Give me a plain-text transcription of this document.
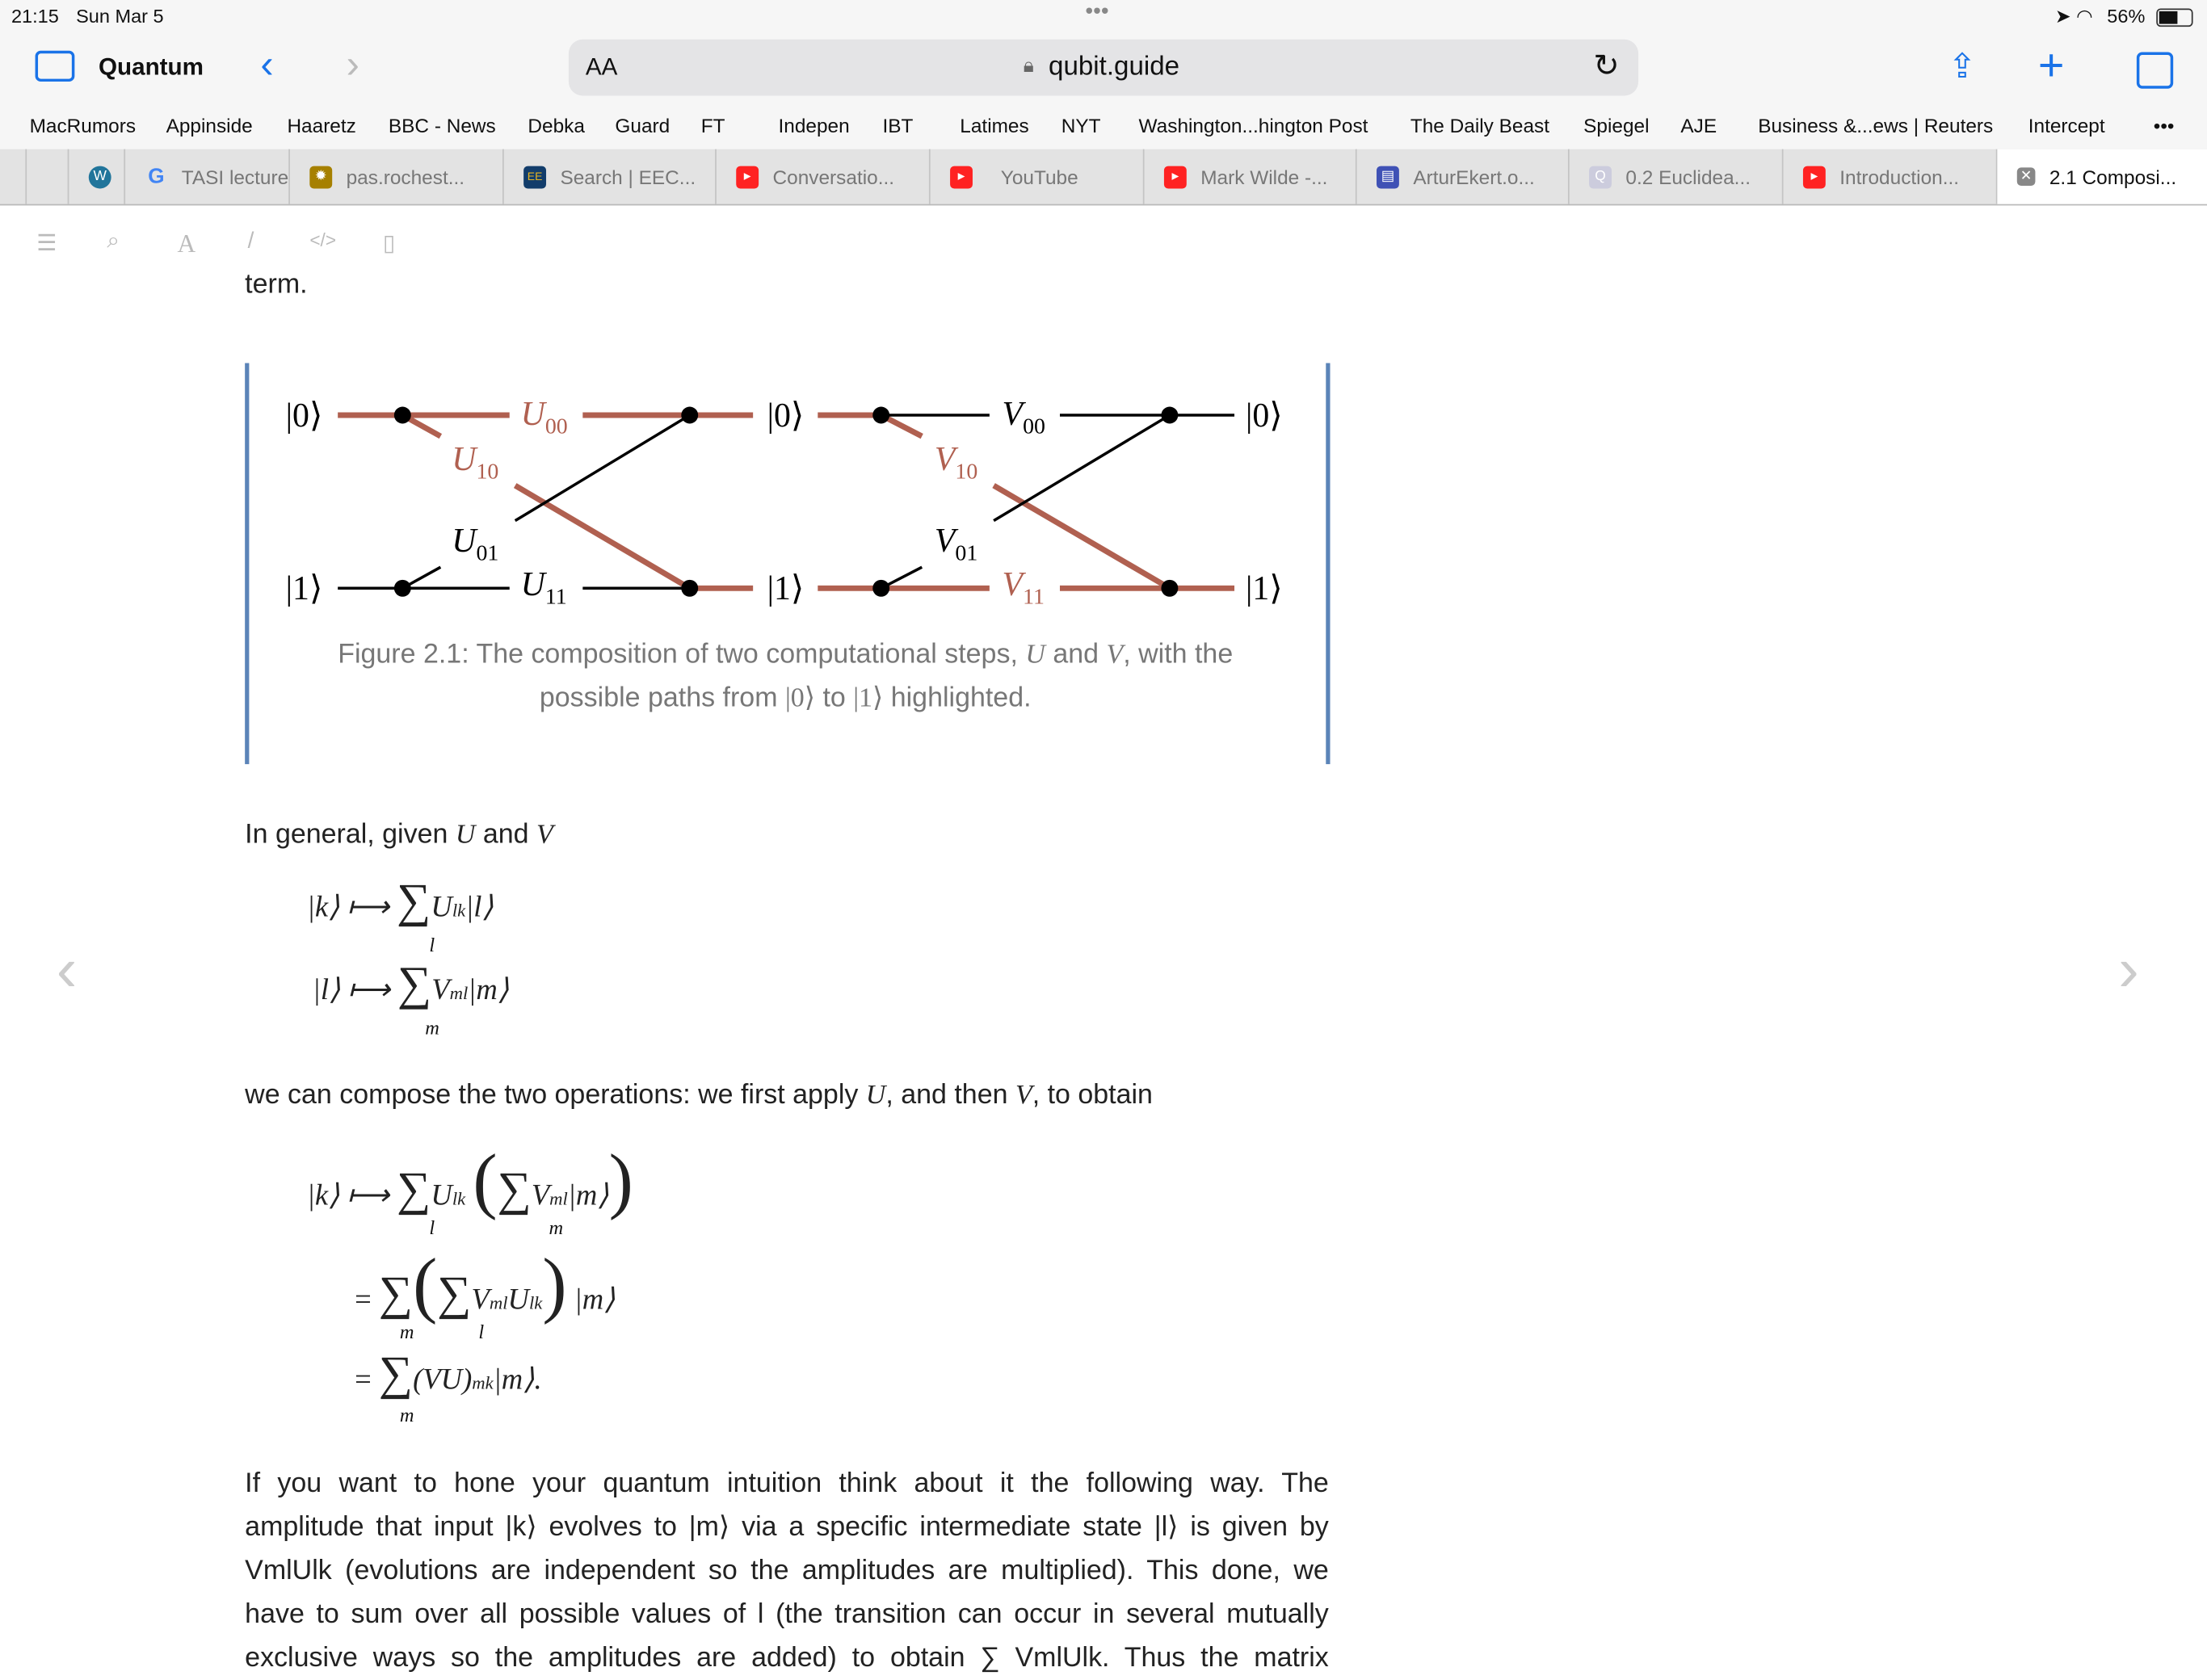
21:15 Sun Mar 5	•••	➤ ◠ 56%
Quantum	‹	›	AA	🔒︎ qubit.guide	↻	⇪ +
MacRumors	Appinside	Haaretz	BBC - News	Debka	Guard	FT	Indepen	IBT	Latimes	NYT	Washington...hington Post	The Daily Beast	Spiegel	AJE	Business &...ews | Reuters	Intercept	•••
W	G TASI lecture	✹	pas.rochest...	EE	Search | EEC...	▸	Conversatio...	▸	YouTube	▸	Mark Wilde -...	▤	ArturEkert.o...	Q	0.2 Euclidea...	▸	Introduction...	✕ 2.1 Composi...
☰	⌕	A	/	</>	▯
‹	›
term.
|0⟩
|1⟩
|0⟩
|1⟩
|0⟩
|1⟩
$U_{00}$
$U_{10}$
$U_{01}$
$U_{11}$
$V_{00}$
$V_{10}$
$V_{01}$
$V_{11}$
Figure 2.1: The composition of two computational steps, U and V, with the
possible paths from |0⟩ to |1⟩ highlighted.
In general, given U and V
|k⟩ ⟼ ∑Ulk|l⟩
l
|l⟩ ⟼ ∑Vml|m⟩
m
we can compose the two operations: we first apply U, and then V, to obtain
|k⟩ ⟼ ∑Ulk (∑Vml|m⟩)
l	m
= ∑(∑VmlUlk) |m⟩
m	l
= ∑(VU)mk|m⟩.
m
If you want to hone your quantum intuition think about it the following way. The
amplitude that input |k⟩ evolves to |m⟩ via a specific intermediate state |l⟩ is given by
VmlUlk (evolutions are independent so the amplitudes are multiplied). This done, we
have to sum over all possible values of l (the transition can occur in several mutually
exclusive ways so the amplitudes are added) to obtain ∑ VmlUlk. Thus the matrix
